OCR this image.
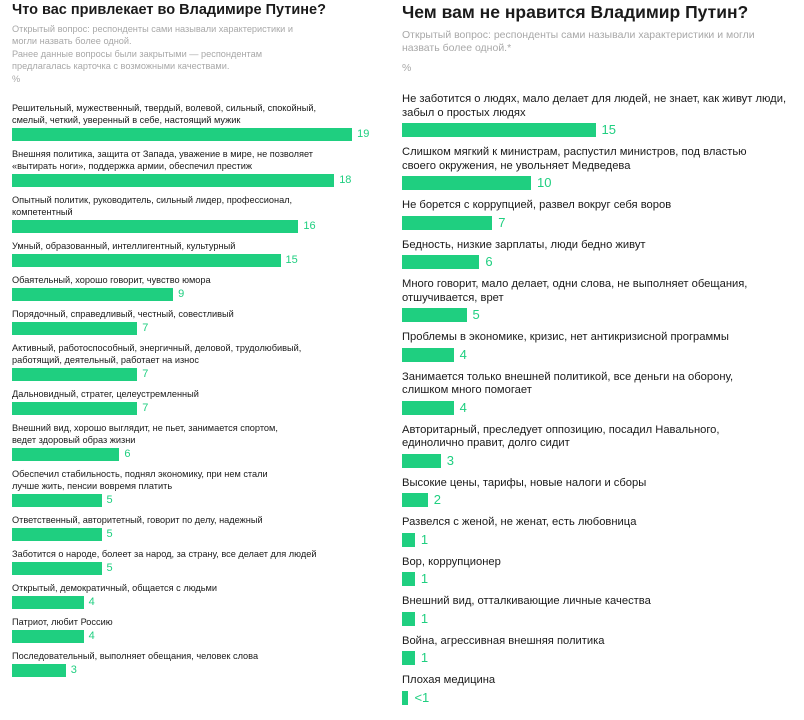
Что вас привлекает во Владимире Путине?
Открытый вопрос: респонденты сами называли характеристики и могли назвать более одной.
Ранее данные вопросы были закрытыми — респондентам предлагалась карточка с возможными качествами.
%
Решительный, мужественный, твердый, волевой, сильный, спокойный,
смелый, четкий, уверенный в себе, настоящий мужик
19
Внешняя политика, защита от Запада, уважение в мире, не позволяет
«вытирать ноги», поддержка армии, обеспечил престиж
18
Опытный политик, руководитель, сильный лидер, профессионал,
компетентный
16
Умный, образованный, интеллигентный, культурный
15
Обаятельный, хорошо говорит, чувство юмора
9
Порядочный, справедливый, честный, совестливый
7
Активный, работоспособный, энергичный, деловой, трудолюбивый,
работящий, деятельный, работает на износ
7
Дальновидный, стратег, целеустремленный
7
Внешний вид, хорошо выглядит, не пьет, занимается спортом,
ведет здоровый образ жизни
6
Обеспечил стабильность, поднял экономику, при нем стали
лучше жить, пенсии вовремя платить
5
Ответственный, авторитетный, говорит по делу, надежный
5
Заботится о народе, болеет за народ, за страну, все делает для людей
5
Открытый, демократичный, общается с людьми
4
Патриот, любит Россию
4
Последовательный, выполняет обещания, человек слова
3
Чем вам не нравится Владимир Путин?
Открытый вопрос: респонденты сами называли характеристики и могли назвать более одной.*
%
Не заботится о людях, мало делает для людей, не знает, как живут люди,
забыл о простых людях
15
Слишком мягкий к министрам, распустил министров, под властью
своего окружения, не увольняет Медведева
10
Не борется с коррупцией, развел вокруг себя воров
7
Бедность, низкие зарплаты, люди бедно живут
6
Много говорит, мало делает, одни слова, не выполняет обещания,
отшучивается, врет
5
Проблемы в экономике, кризис, нет антикризисной программы
4
Занимается только внешней политикой, все деньги на оборону,
слишком много помогает
4
Авторитарный, преследует оппозицию, посадил Навального,
единолично правит, долго сидит
3
Высокие цены, тарифы, новые налоги и сборы
2
Развелся с женой, не женат, есть любовница
1
Вор, коррупционер
1
Внешний вид, отталкивающие личные качества
1
Война, агрессивная внешняя политика
1
Плохая медицина
<1
